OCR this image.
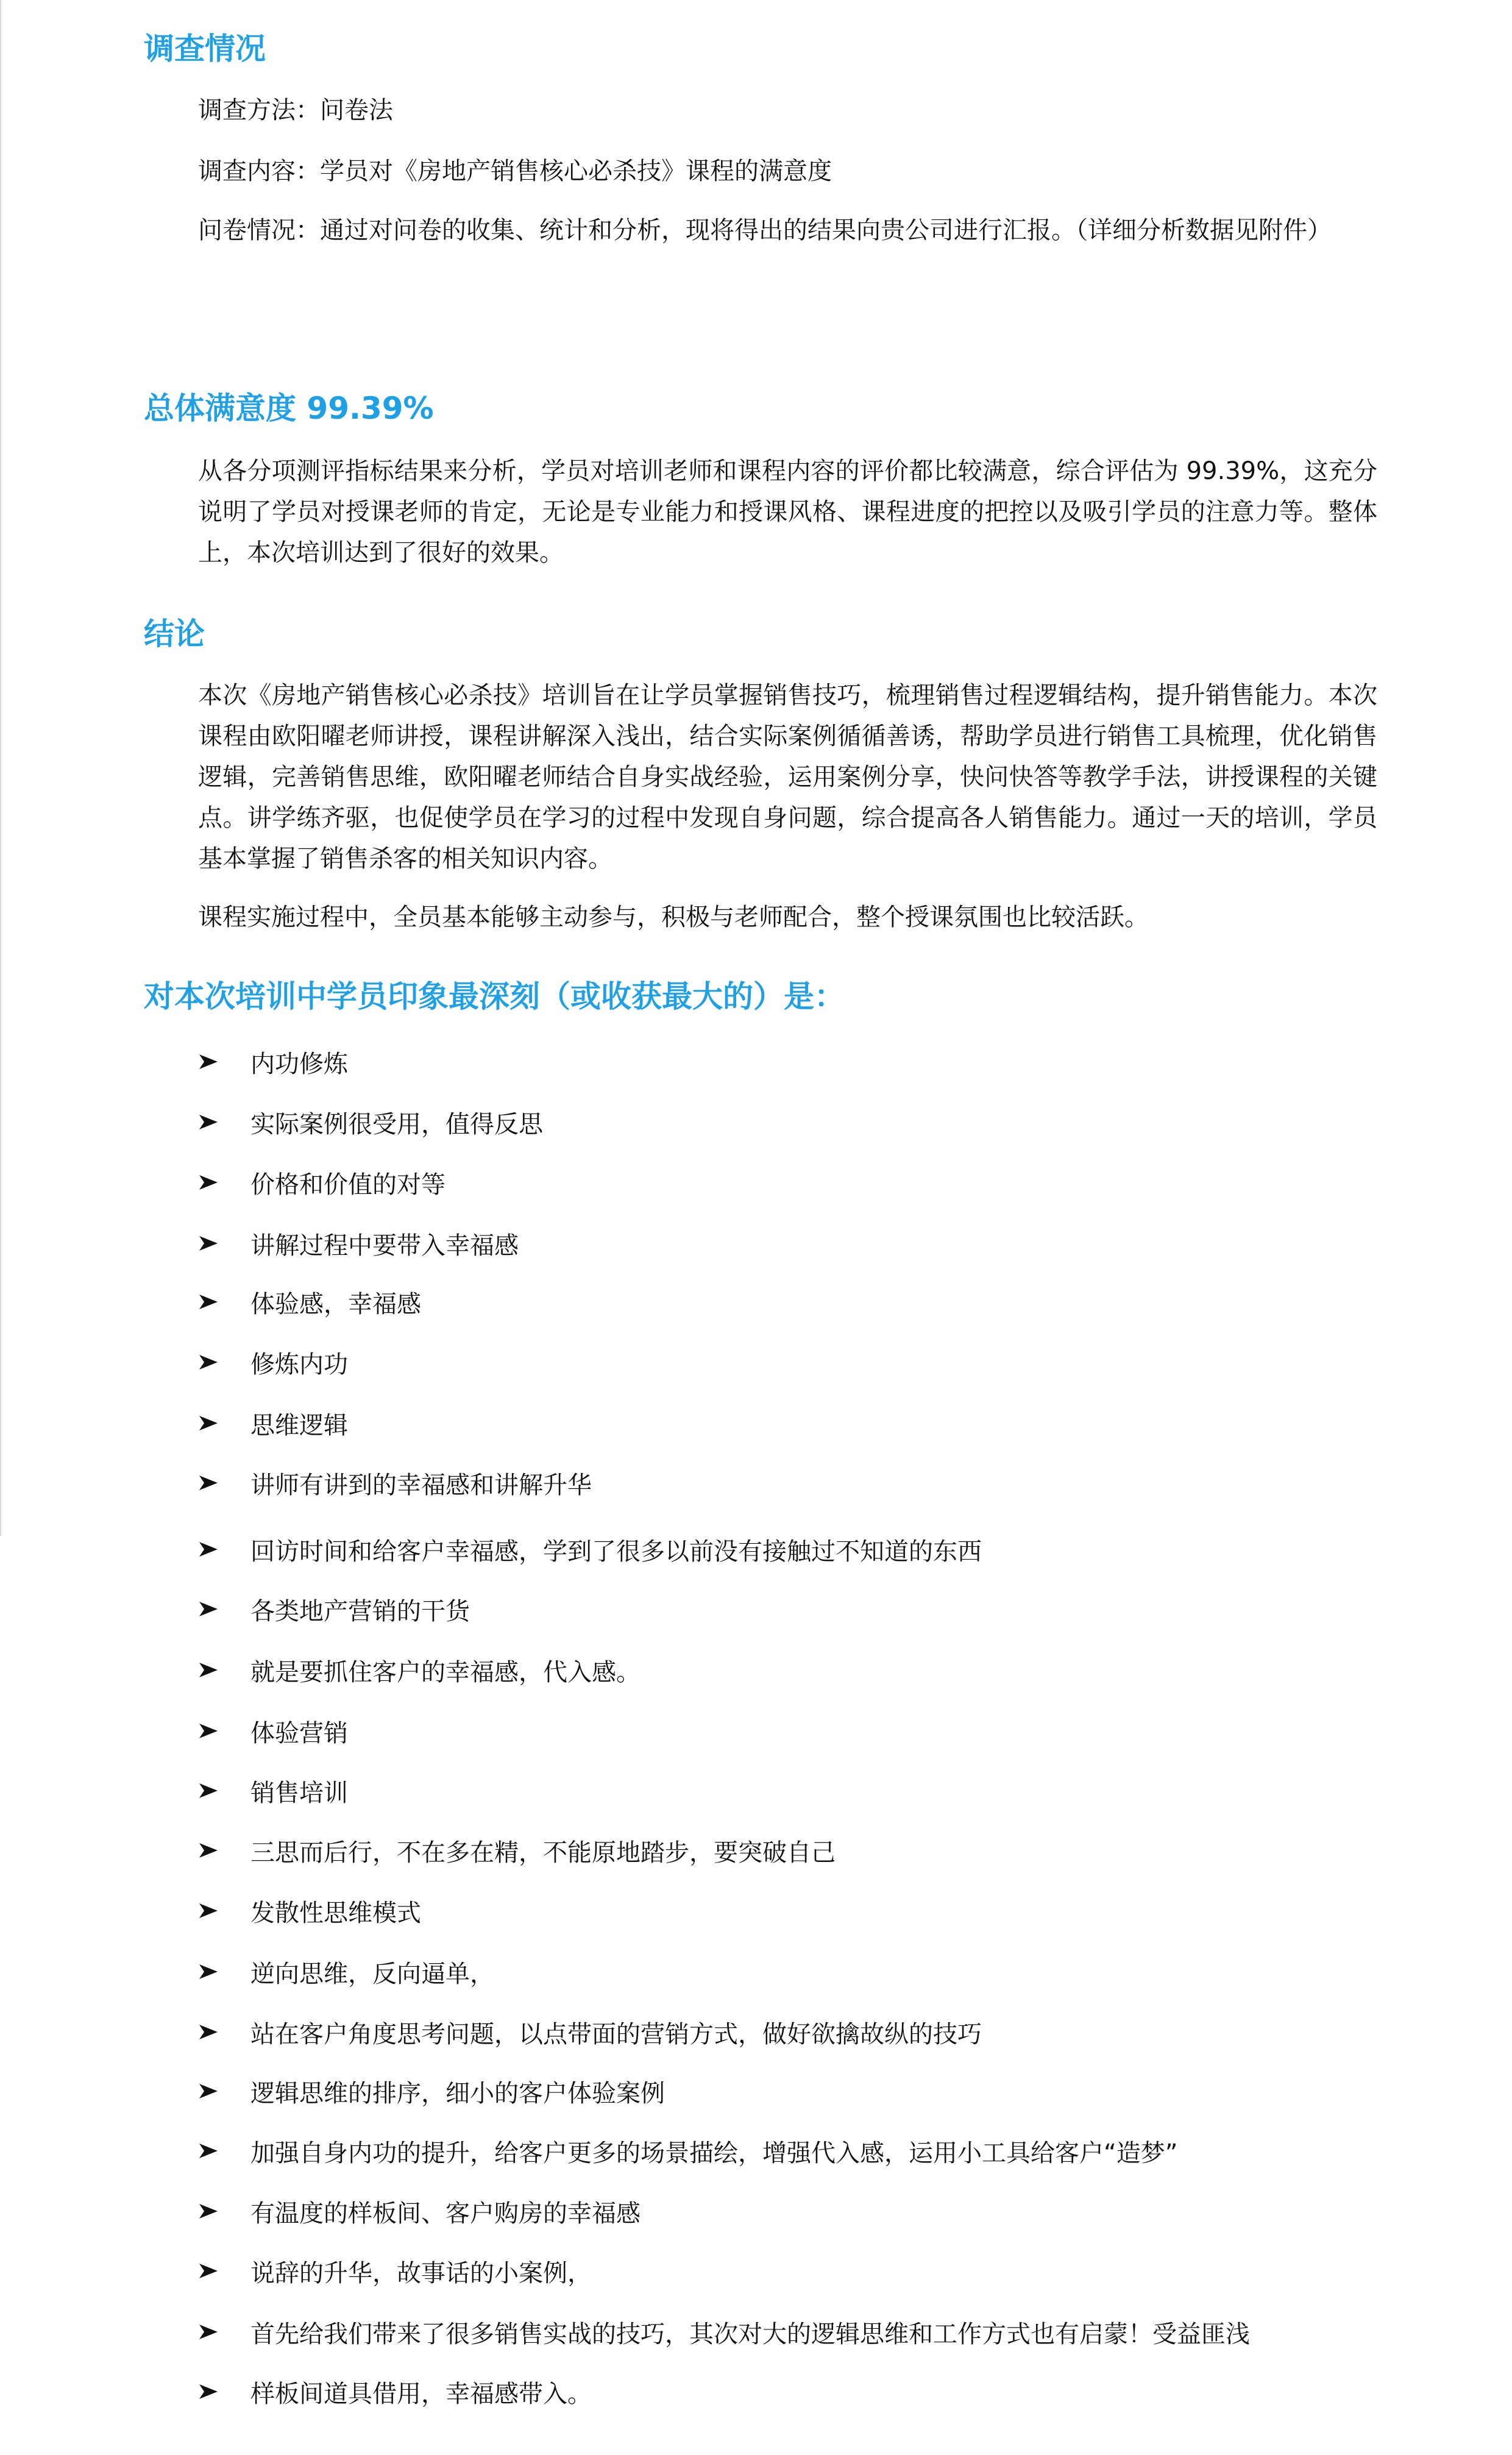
调查情况

调查方法：问卷法

调查内容：学员对《房地产销售核心必杀技》课程的满意度

问卷情况：通过对问卷的收集、统计和分析，现将得出的结果向贵公司进行汇报。（详细分析数据见附件）

总体满意度 99.39%

从各分项测评指标结果来分析，学员对培训老师和课程内容的评价都比较满意，综合评估为 99.39%，这充分说明了学员对授课老师的肯定，无论是专业能力和授课风格、课程进度的把控以及吸引学员的注意力等。整体上，本次培训达到了很好的效果。

结论

本次《房地产销售核心必杀技》培训旨在让学员掌握销售技巧，梳理销售过程逻辑结构，提升销售能力。本次课程由欧阳曜老师讲授，课程讲解深入浅出，结合实际案例循循善诱，帮助学员进行销售工具梳理，优化销售逻辑，完善销售思维，欧阳曜老师结合自身实战经验，运用案例分享，快问快答等教学手法，讲授课程的关键点。讲学练齐驱，也促使学员在学习的过程中发现自身问题，综合提高各人销售能力。通过一天的培训，学员基本掌握了销售杀客的相关知识内容。

课程实施过程中，全员基本能够主动参与，积极与老师配合，整个授课氛围也比较活跃。

对本次培训中学员印象最深刻（或收获最大的）是：
内功修炼
实际案例很受用，值得反思
价格和价值的对等
讲解过程中要带入幸福感
体验感，幸福感
修炼内功
思维逻辑
讲师有讲到的幸福感和讲解升华
回访时间和给客户幸福感，学到了很多以前没有接触过不知道的东西
各类地产营销的干货
就是要抓住客户的幸福感，代入感。
体验营销
销售培训
三思而后行，不在多在精，不能原地踏步，要突破自己
发散性思维模式
逆向思维，反向逼单，
站在客户角度思考问题，以点带面的营销方式，做好欲擒故纵的技巧
逻辑思维的排序，细小的客户体验案例
加强自身内功的提升，给客户更多的场景描绘，增强代入感，运用小工具给客户“造梦”
有温度的样板间、客户购房的幸福感
说辞的升华，故事话的小案例，
首先给我们带来了很多销售实战的技巧，其次对大的逻辑思维和工作方式也有启蒙！受益匪浅
样板间道具借用，幸福感带入。
